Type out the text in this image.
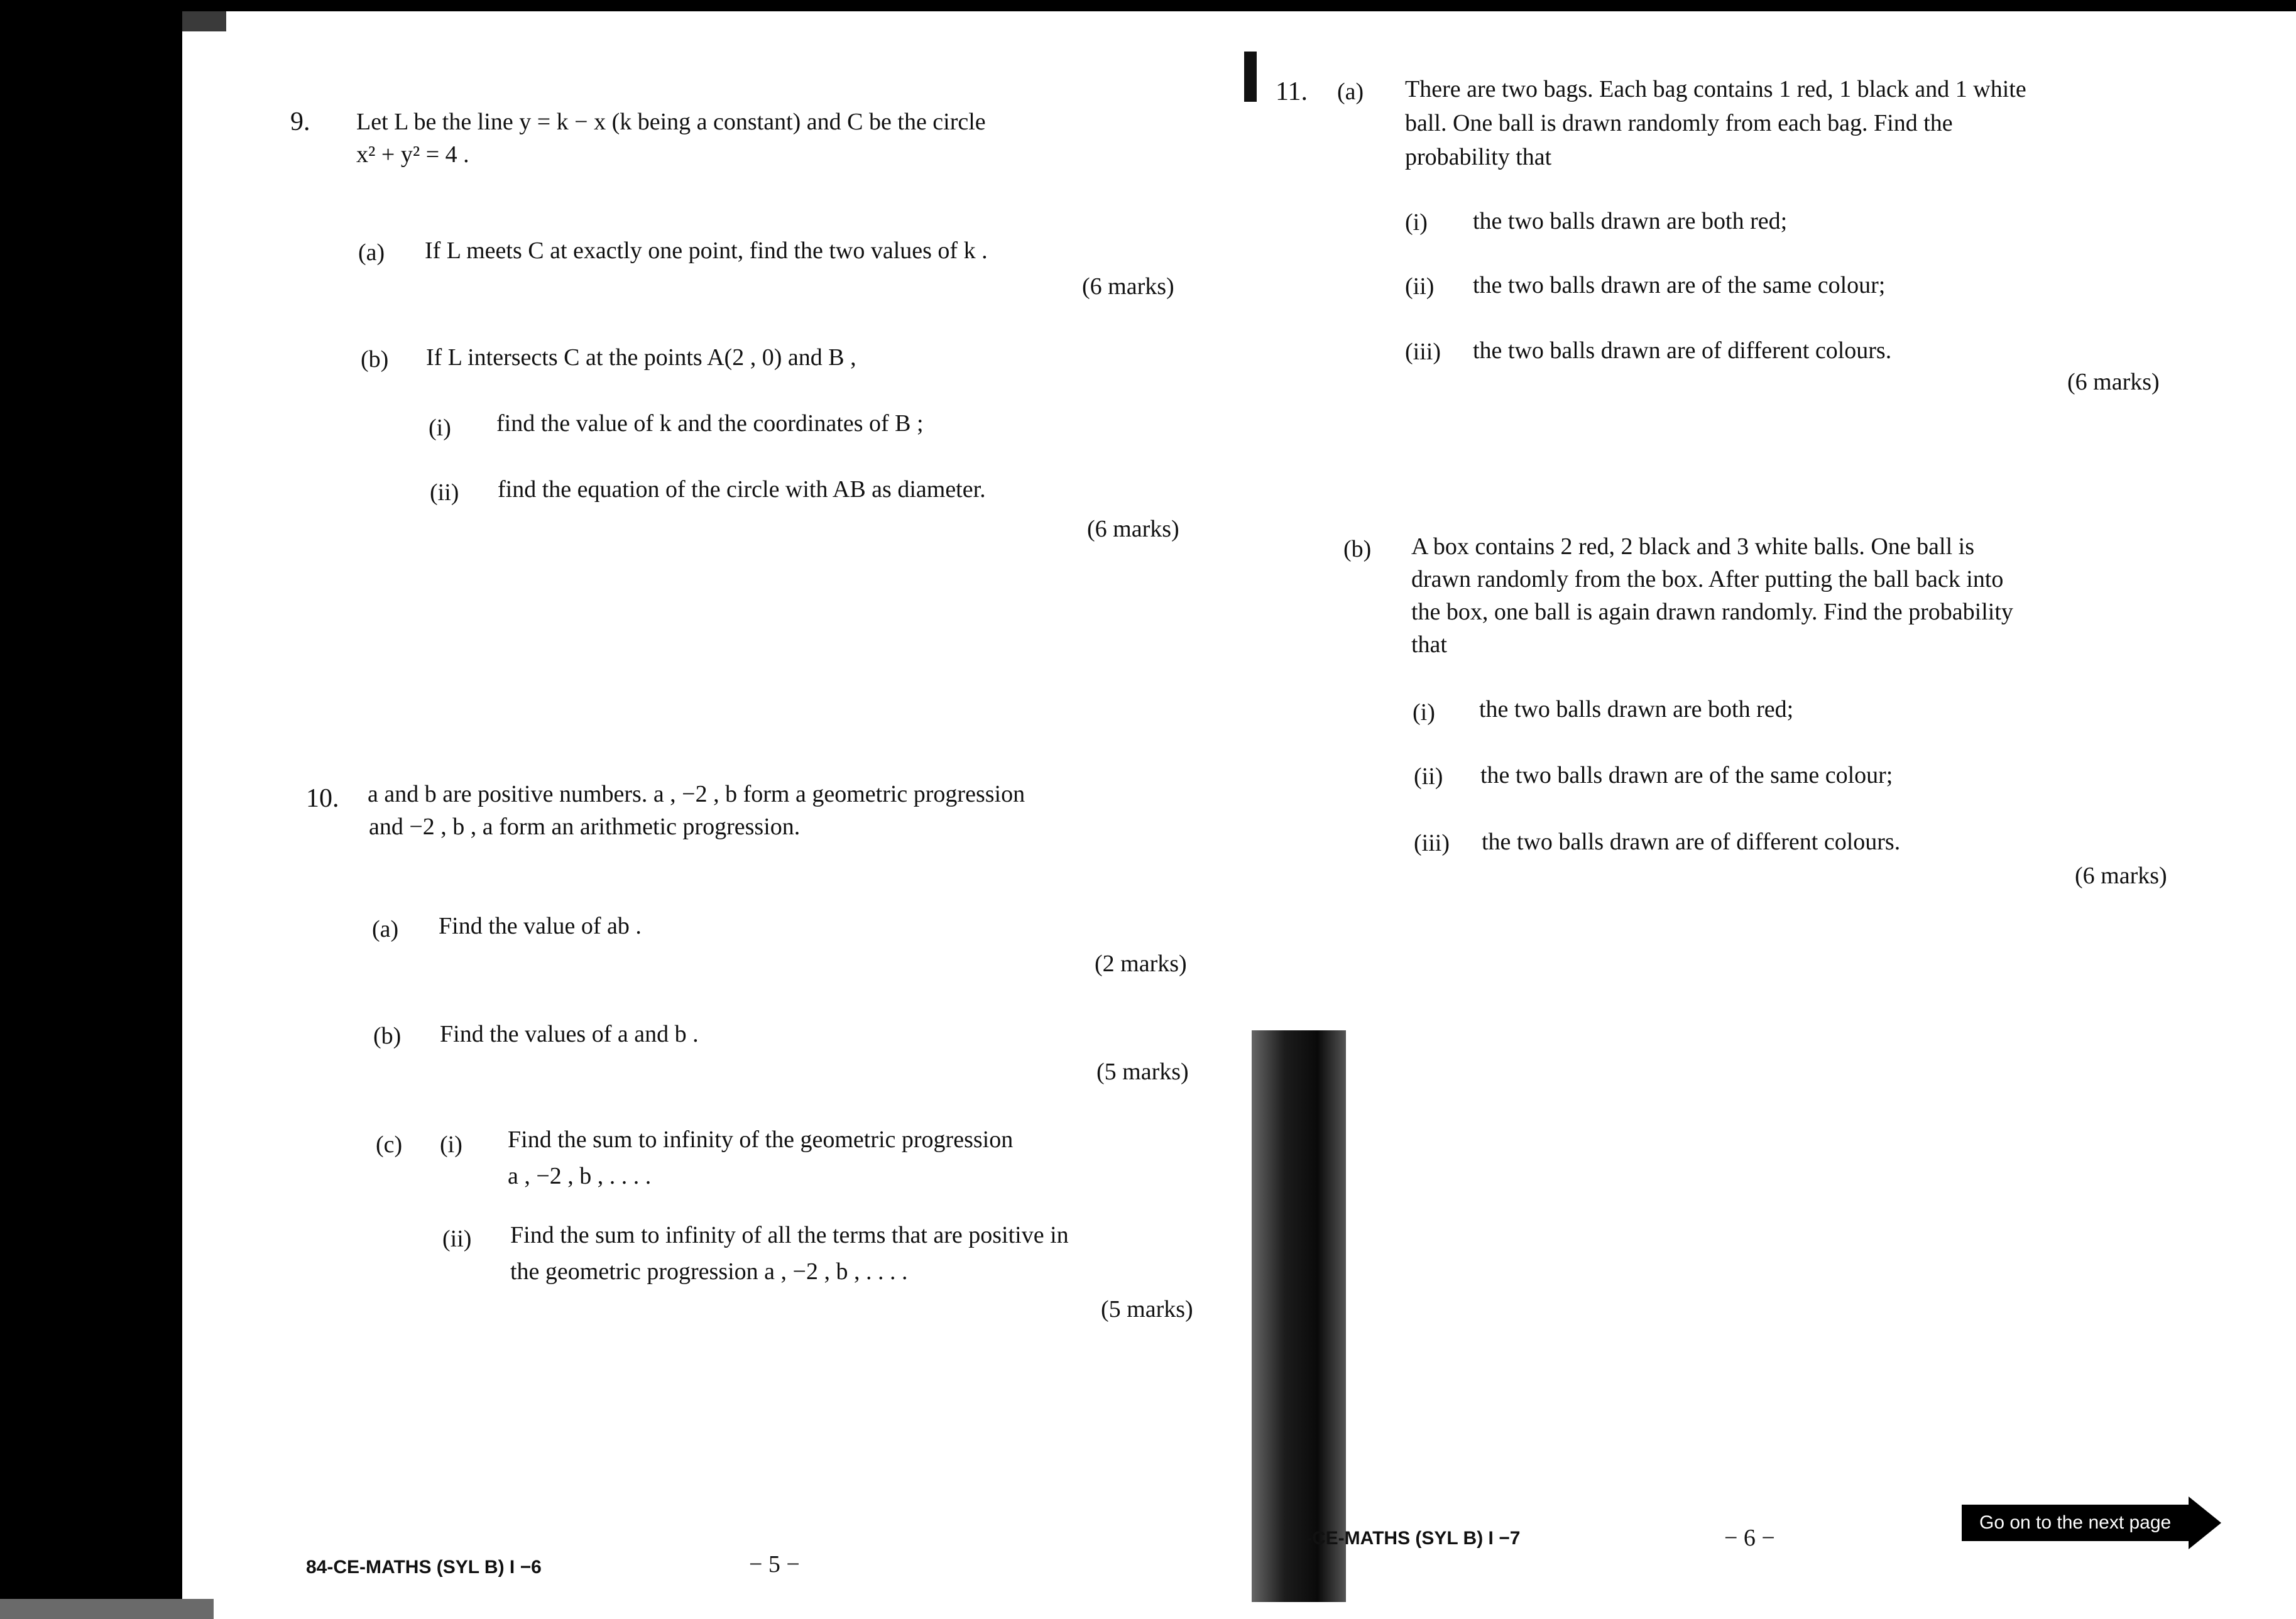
9. Let L be the line y = k − x (k being a constant) and C be the circle
x² + y² = 4 .
(a) If L meets C at exactly one point, find the two values of k .
(6 marks)
(b) If L intersects C at the points A(2 , 0) and B ,
(i) find the value of k and the coordinates of B ;
(ii) find the equation of the circle with AB as diameter.
(6 marks)
10. a and b are positive numbers. a , −2 , b form a geometric progression
and −2 , b , a form an arithmetic progression.
(a) Find the value of ab .
(2 marks)
(b) Find the values of a and b .
(5 marks)
(c) (i) Find the sum to infinity of the geometric progression
a , −2 , b , . . . .
(ii) Find the sum to infinity of all the terms that are positive in
the geometric progression a , −2 , b , . . . .
(5 marks)
11. (a) There are two bags. Each bag contains 1 red, 1 black and 1 white
ball. One ball is drawn randomly from each bag. Find the
probability that
(i) the two balls drawn are both red;
(ii) the two balls drawn are of the same colour;
(iii) the two balls drawn are of different colours.
(6 marks)
(b) A box contains 2 red, 2 black and 3 white balls. One ball is
drawn randomly from the box. After putting the ball back into
the box, one ball is again drawn randomly. Find the probability
that
(i) the two balls drawn are both red;
(ii) the two balls drawn are of the same colour;
(iii) the two balls drawn are of different colours.
(6 marks)
84-CE-MATHS (SYL B) I −6	− 5 −
-CE-MATHS (SYL B) I −7	− 6 −
Go on to the next page
